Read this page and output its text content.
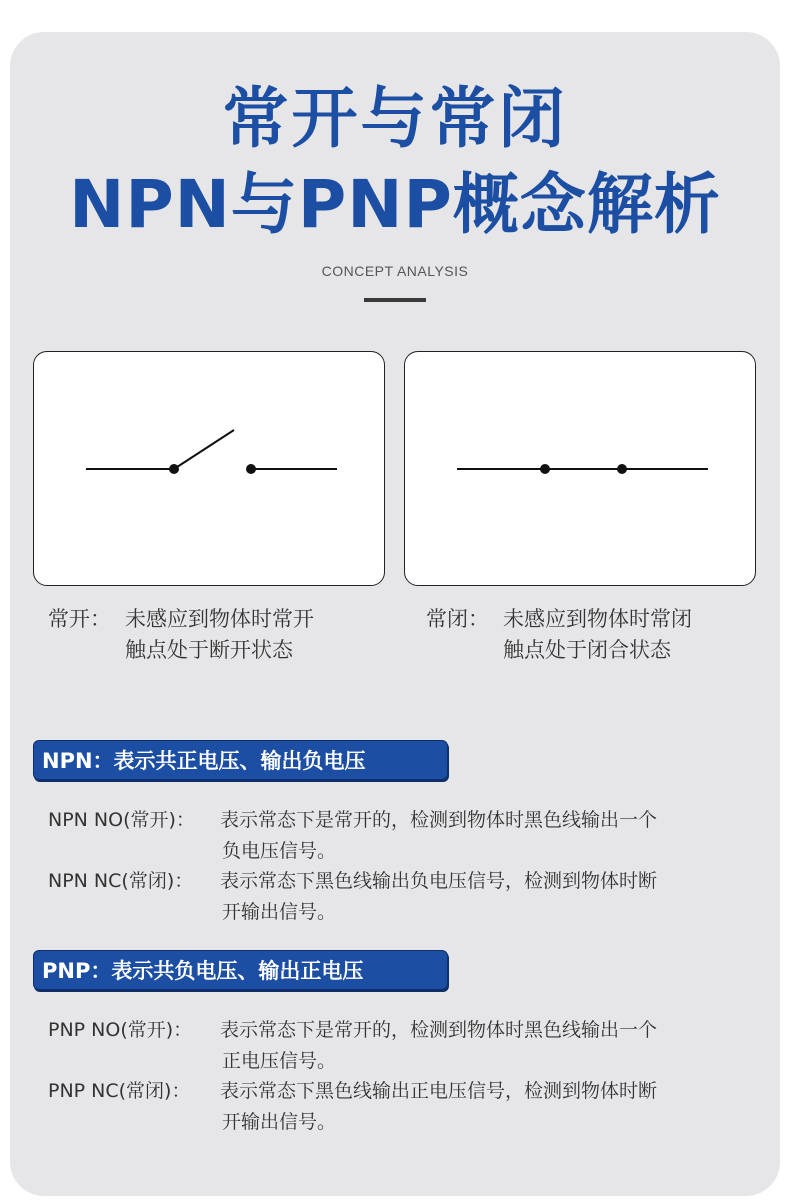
常开与常闭
NPN与PNP概念解析
CONCEPT ANALYSIS
常开： 未感应到物体时常开
触点处于断开状态
常闭： 未感应到物体时常闭
触点处于闭合状态
NPN：表示共正电压、输出负电压
NPN NO(常开)： 表示常态下是常开的，检测到物体时黑色线输出一个
负电压信号。
NPN NC(常闭)： 表示常态下黑色线输出负电压信号，检测到物体时断
开输出信号。
PNP：表示共负电压、输出正电压
PNP NO(常开)： 表示常态下是常开的，检测到物体时黑色线输出一个
正电压信号。
PNP NC(常闭)： 表示常态下黑色线输出正电压信号，检测到物体时断
开输出信号。
